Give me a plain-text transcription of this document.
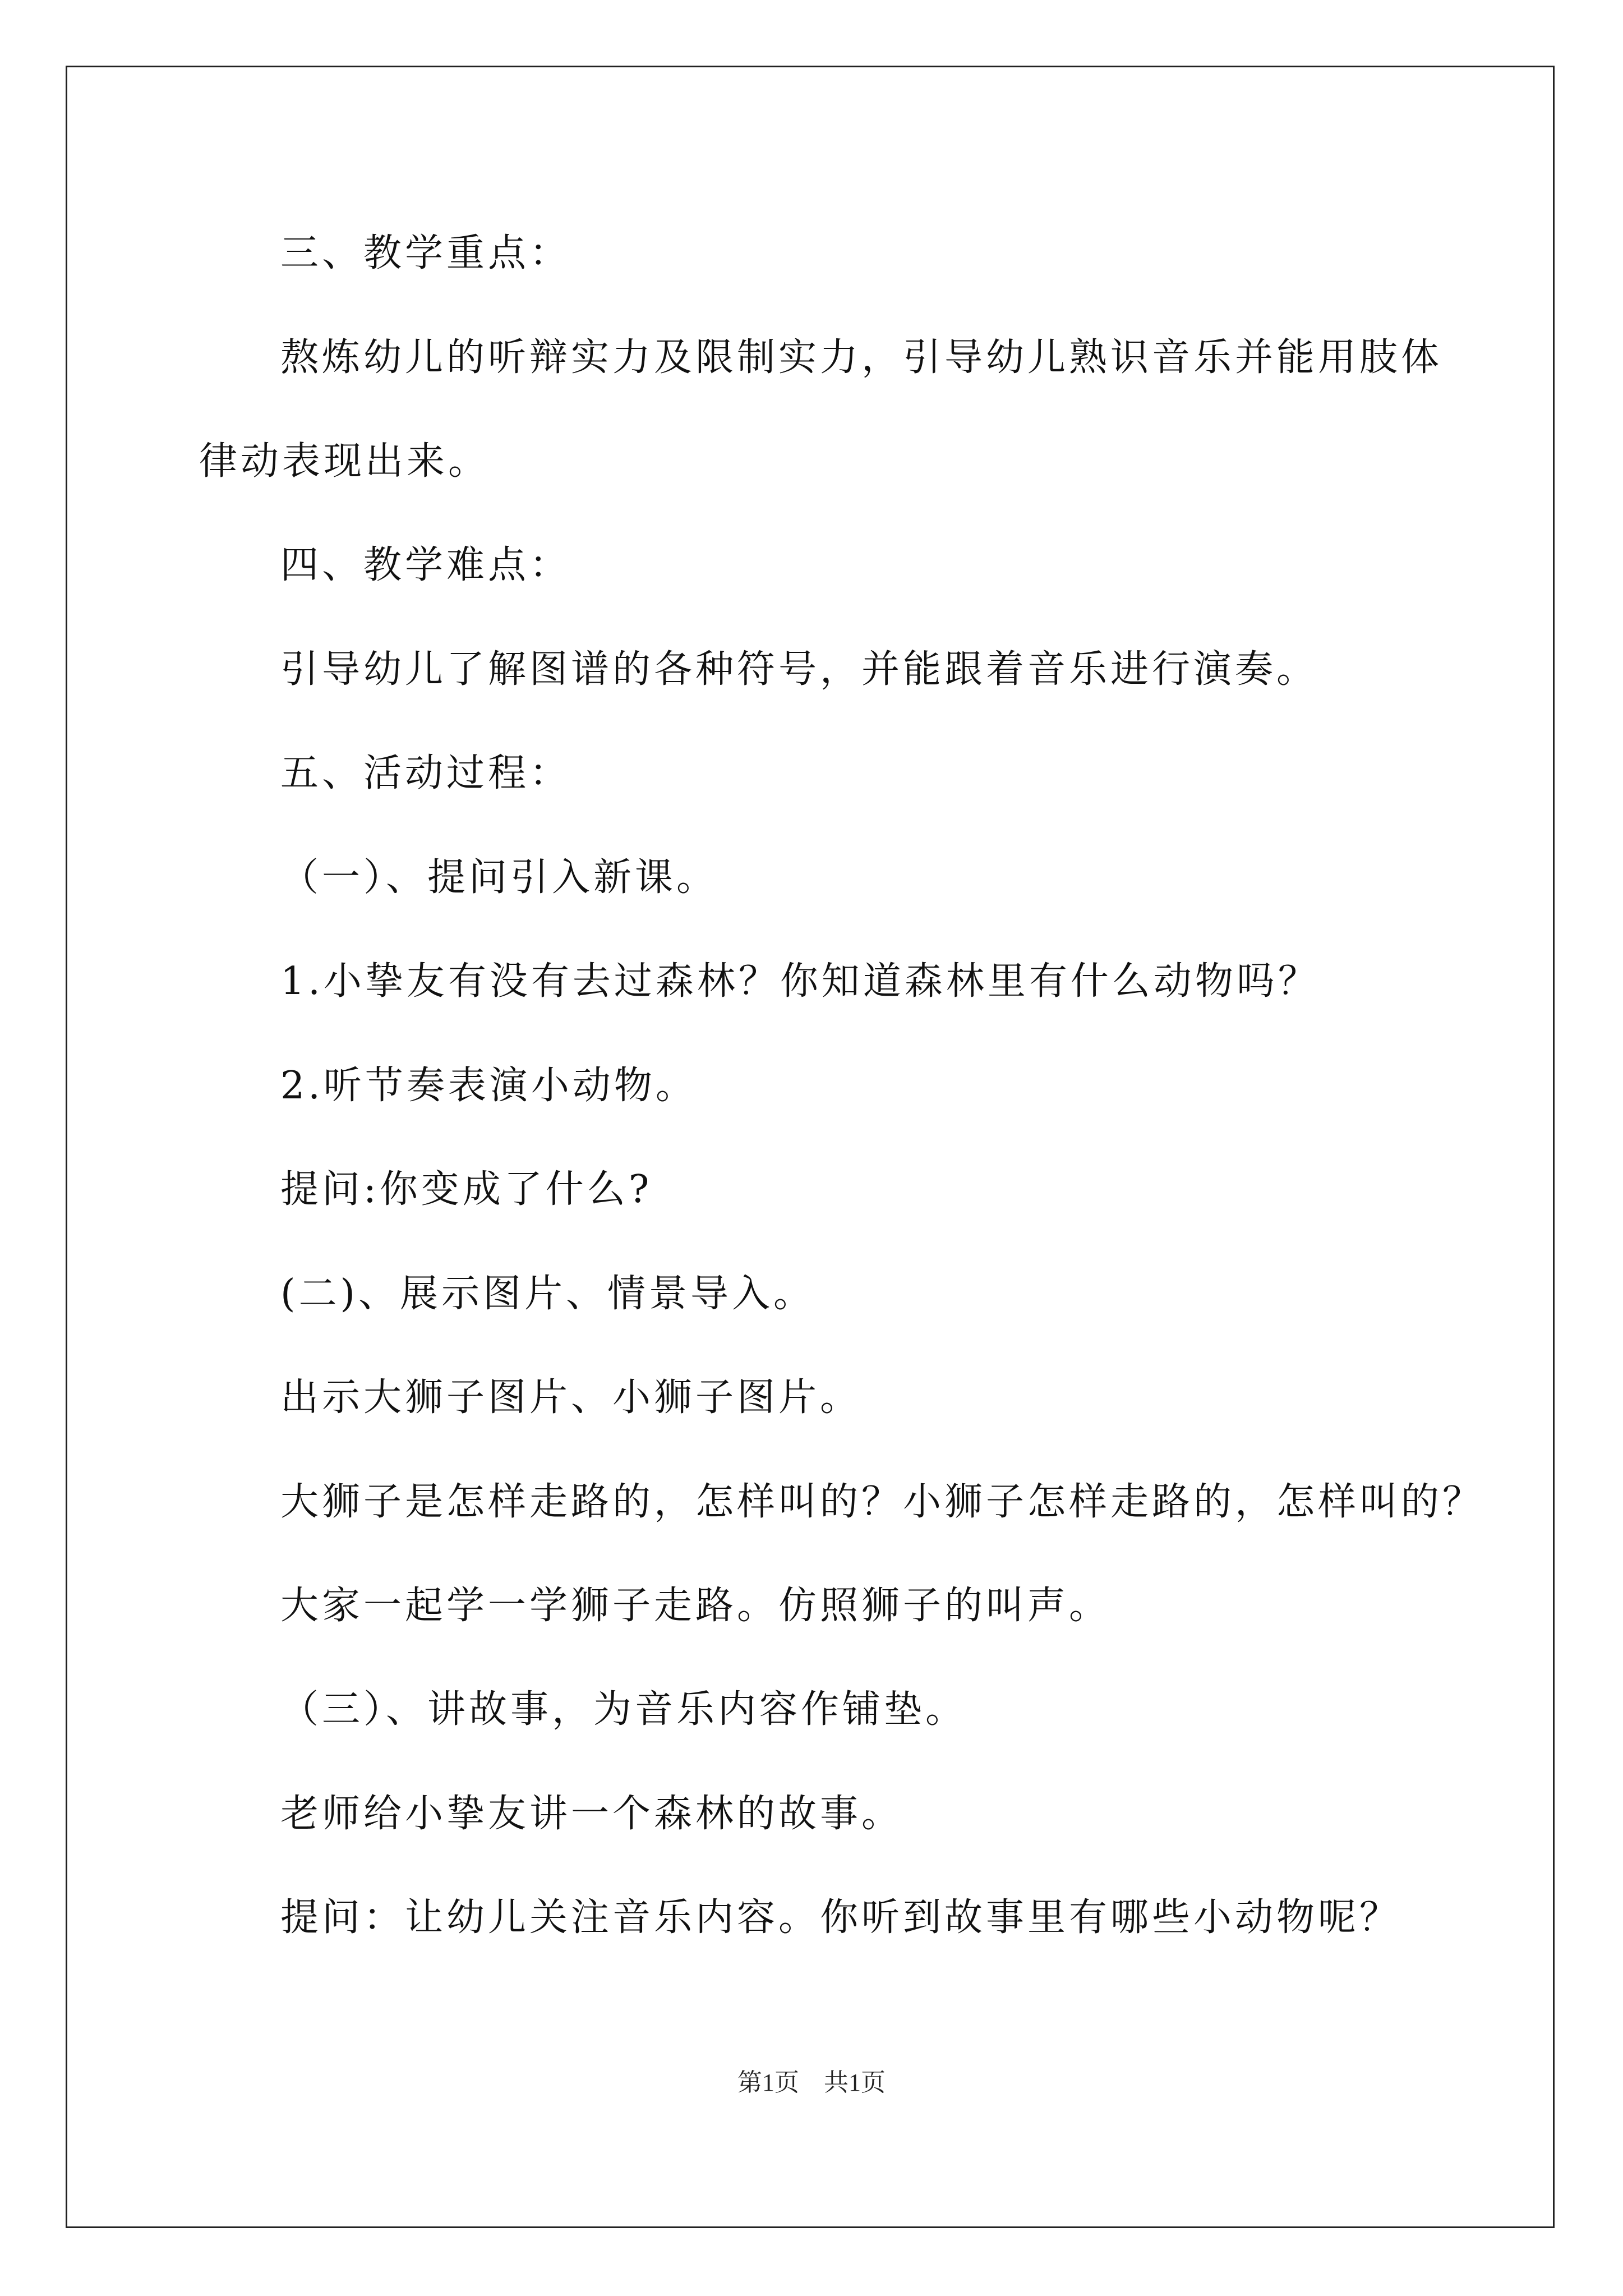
三、教学重点：
熬炼幼儿的听辩实力及限制实力，引导幼儿熟识音乐并能用肢体
律动表现出来。
四、教学难点：
引导幼儿了解图谱的各种符号，并能跟着音乐进行演奏。
五、活动过程：
（一）、提问引入新课。
1.小挚友有没有去过森林？你知道森林里有什么动物吗？
2.听节奏表演小动物。
提问:你变成了什么?
(二)、展示图片、情景导入。
出示大狮子图片、小狮子图片。
大狮子是怎样走路的，怎样叫的？小狮子怎样走路的，怎样叫的？
大家一起学一学狮子走路。仿照狮子的叫声。
（三）、讲故事，为音乐内容作铺垫。
老师给小挚友讲一个森林的故事。
提问：让幼儿关注音乐内容。你听到故事里有哪些小动物呢？
第1页　共1页
